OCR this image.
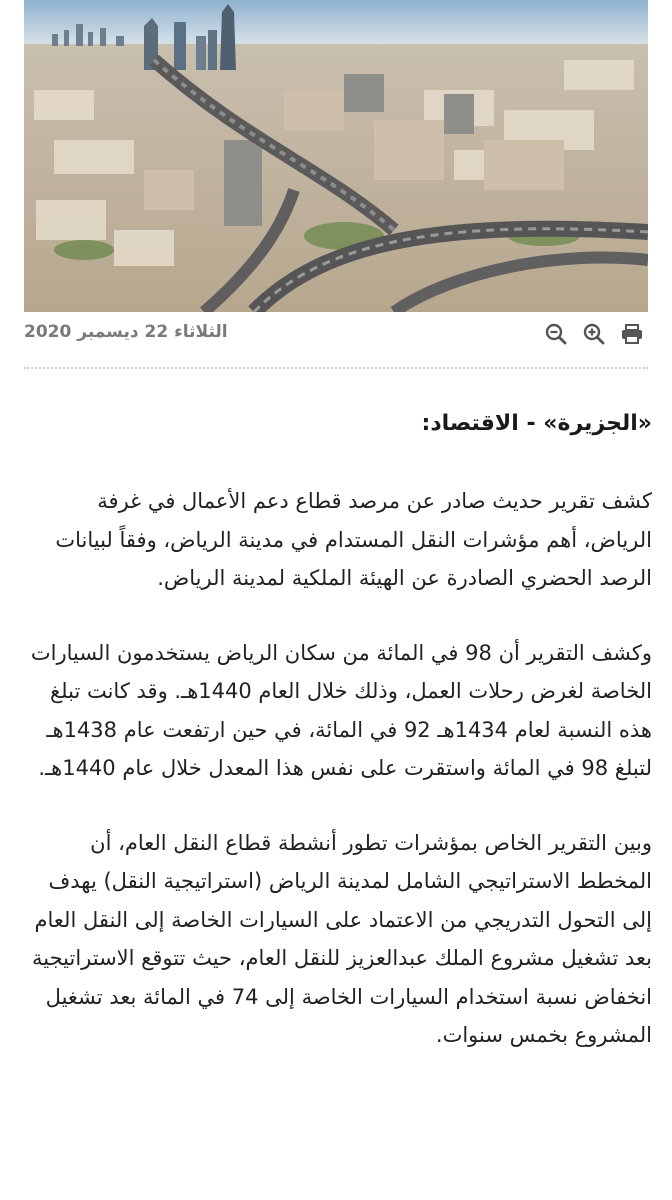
الثلاثاء 22 ديسمبر 2020

«الجزيرة» - الاقتصاد:

كشف تقرير حديث صادر عن مرصد قطاع دعم الأعمال في غرفة الرياض، أهم مؤشرات النقل المستدام في مدينة الرياض، وفقاً لبيانات الرصد الحضري الصادرة عن الهيئة الملكية لمدينة الرياض.

وكشف التقرير أن 98 في المائة من سكان الرياض يستخدمون السيارات الخاصة لغرض رحلات العمل، وذلك خلال العام 1440هـ. وقد كانت تبلغ هذه النسبة لعام 1434هـ 92 في المائة، في حين ارتفعت عام 1438هـ لتبلغ 98 في المائة واستقرت على نفس هذا المعدل خلال عام 1440هـ.

وبين التقرير الخاص بمؤشرات تطور أنشطة قطاع النقل العام، أن المخطط الاستراتيجي الشامل لمدينة الرياض (استراتيجية النقل) يهدف إلى التحول التدريجي من الاعتماد على السيارات الخاصة إلى النقل العام بعد تشغيل مشروع الملك عبدالعزيز للنقل العام، حيث تتوقع الاستراتيجية انخفاض نسبة استخدام السيارات الخاصة إلى 74 في المائة بعد تشغيل المشروع بخمس سنوات.
